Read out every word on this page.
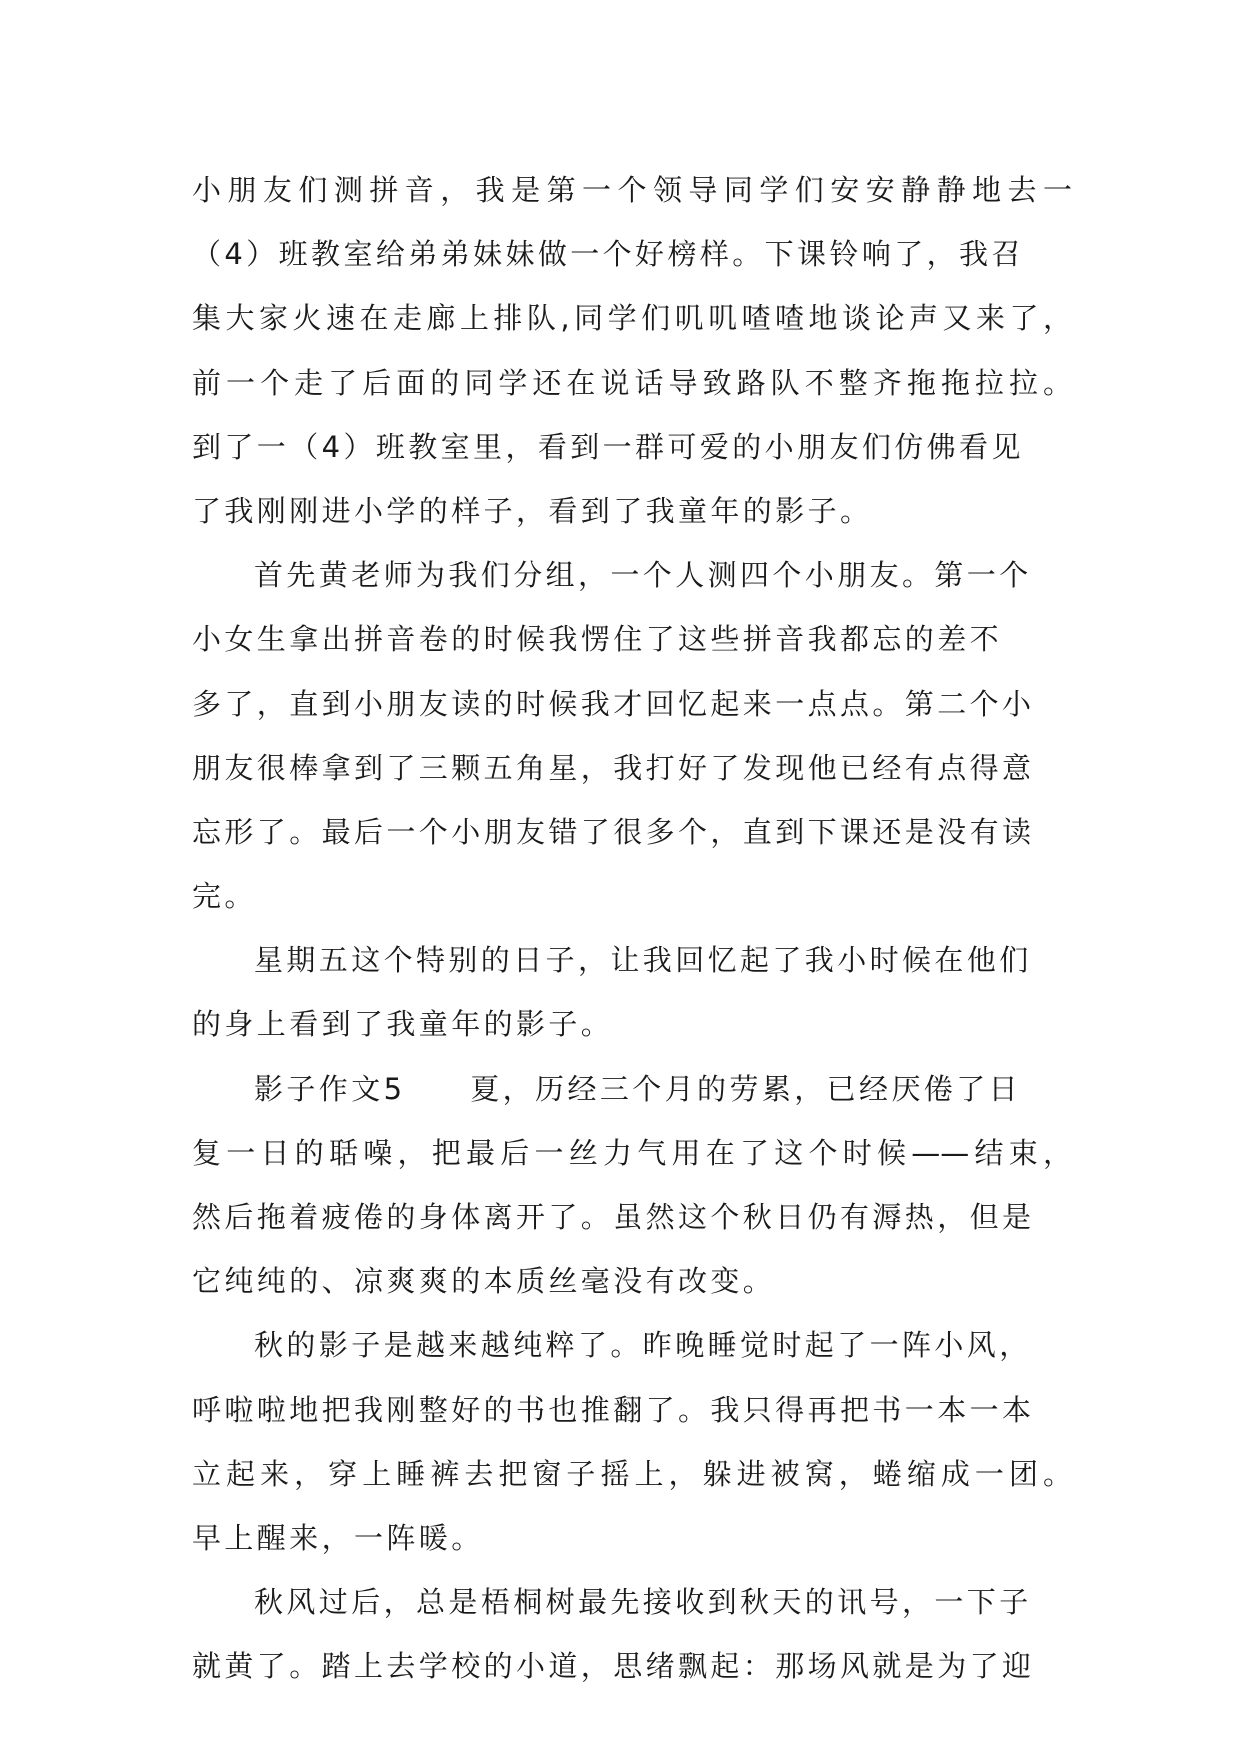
小朋友们测拼音，我是第一个领导同学们安安静静地去一
（4）班教室给弟弟妹妹做一个好榜样。下课铃响了，我召
集大家火速在走廊上排队,同学们叽叽喳喳地谈论声又来了，
前一个走了后面的同学还在说话导致路队不整齐拖拖拉拉。
到了一（4）班教室里，看到一群可爱的小朋友们仿佛看见
了我刚刚进小学的样子，看到了我童年的影子。
首先黄老师为我们分组，一个人测四个小朋友。第一个
小女生拿出拼音卷的时候我愣住了这些拼音我都忘的差不
多了，直到小朋友读的时候我才回忆起来一点点。第二个小
朋友很棒拿到了三颗五角星，我打好了发现他已经有点得意
忘形了。最后一个小朋友错了很多个，直到下课还是没有读
完。
星期五这个特别的日子，让我回忆起了我小时候在他们
的身上看到了我童年的影子。
影子作文5　　夏，历经三个月的劳累，已经厌倦了日
复一日的聒噪，把最后一丝力气用在了这个时候——结束，
然后拖着疲倦的身体离开了。虽然这个秋日仍有溽热，但是
它纯纯的、凉爽爽的本质丝毫没有改变。
秋的影子是越来越纯粹了。昨晚睡觉时起了一阵小风，
呼啦啦地把我刚整好的书也推翻了。我只得再把书一本一本
立起来，穿上睡裤去把窗子摇上，躲进被窝，蜷缩成一团。
早上醒来，一阵暖。
秋风过后，总是梧桐树最先接收到秋天的讯号，一下子
就黄了。踏上去学校的小道，思绪飘起：那场风就是为了迎
